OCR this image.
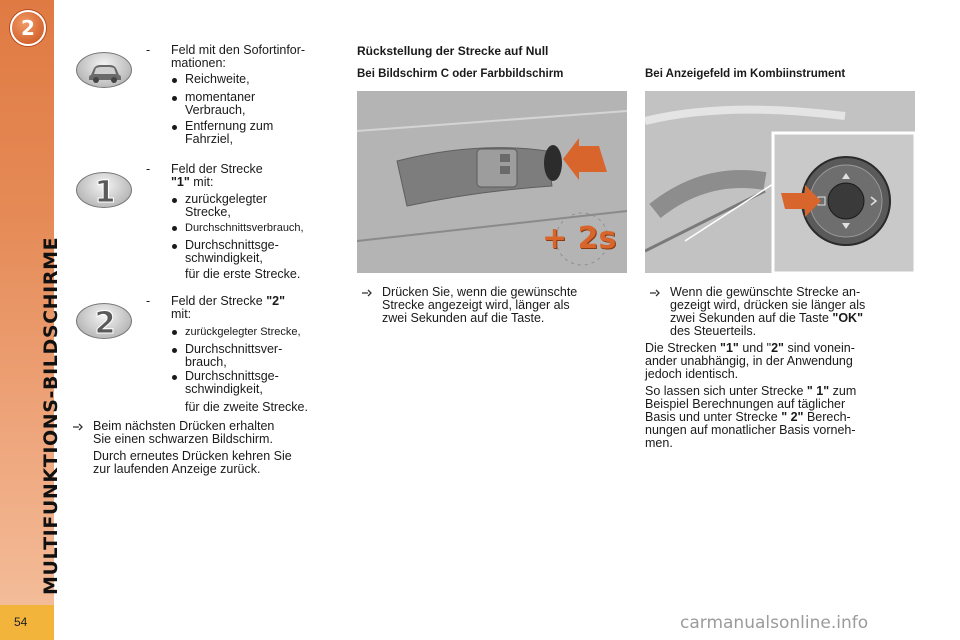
2
MULTIFUNKTIONS-BILDSCHIRME
54
- Feld mit den Sofortinfor-
mationen:
Reichweite,
momentaner
Verbrauch,
Entfernung zum
Fahrziel,
1
- Feld der Strecke
"1" mit:
zurückgelegter
Strecke,
Durchschnittsverbrauch,
Durchschnittsge-
schwindigkeit,
für die erste Strecke.
2
- Feld der Strecke "2"
mit:
zurückgelegter Strecke,
Durchschnittsver-
brauch,
Durchschnittsge-
schwindigkeit,
für die zweite Strecke.
Beim nächsten Drücken erhalten
Sie einen schwarzen Bildschirm.
Durch erneutes Drücken kehren Sie
zur laufenden Anzeige zurück.
Rückstellung der Strecke auf Null
Bei Bildschirm C oder Farbbildschirm
+ 2s
Drücken Sie, wenn die gewünschte
Strecke angezeigt wird, länger als
zwei Sekunden auf die Taste.
Bei Anzeigefeld im Kombiinstrument
Wenn die gewünschte Strecke an-
gezeigt wird, drücken sie länger als
zwei Sekunden auf die Taste "OK"
des Steuerteils.
Die Strecken "1" und "2" sind vonein-
ander unabhängig, in der Anwendung
jedoch identisch.
So lassen sich unter Strecke " 1" zum
Beispiel Berechnungen auf täglicher
Basis und unter Strecke " 2" Berech-
nungen auf monatlicher Basis vorneh-
men.
carmanualsonline.info
